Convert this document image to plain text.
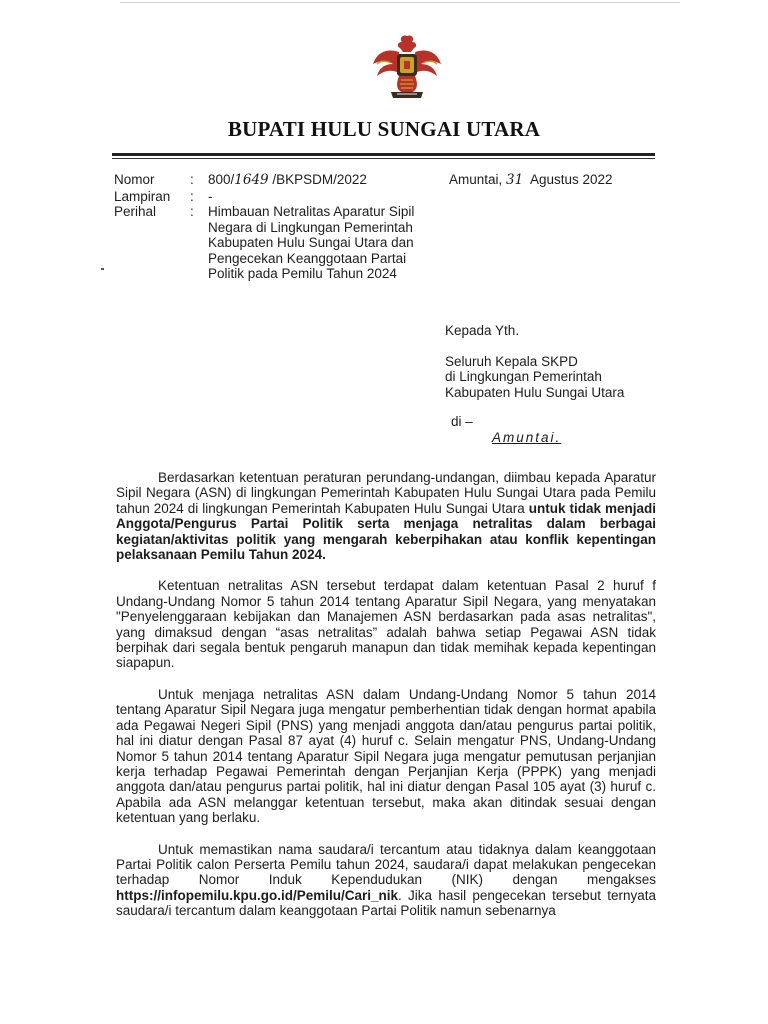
BUPATI HULU SUNGAI UTARA
Nomor	:	800/1649 /BKPSDM/2022
Lampiran	:	-
Perihal	:	Himbauan Netralitas Aparatur Sipil Negara di Lingkungan Pemerintah Kabupaten Hulu Sungai Utara dan Pengecekan Keanggotaan Partai Politik pada Pemilu Tahun 2024
Amuntai, 31  Agustus 2022
Kepada Yth.
Seluruh Kepala SKPD
di Lingkungan Pemerintah
Kabupaten Hulu Sungai Utara
di –
Amuntai.

Berdasarkan ketentuan peraturan perundang-undangan, diimbau kepada Aparatur Sipil Negara (ASN) di lingkungan Pemerintah Kabupaten Hulu Sungai Utara pada Pemilu tahun 2024 di lingkungan Pemerintah Kabupaten Hulu Sungai Utara untuk tidak menjadi Anggota/Pengurus Partai Politik serta menjaga netralitas dalam berbagai kegiatan/aktivitas politik yang mengarah keberpihakan atau konflik kepentingan pelaksanaan Pemilu Tahun 2024.

Ketentuan netralitas ASN tersebut terdapat dalam ketentuan Pasal 2 huruf f Undang-Undang Nomor 5 tahun 2014 tentang Aparatur Sipil Negara, yang menyatakan "Penyelenggaraan kebijakan dan Manajemen ASN berdasarkan pada asas netralitas", yang dimaksud dengan “asas netralitas” adalah bahwa setiap Pegawai ASN tidak berpihak dari segala bentuk pengaruh manapun dan tidak memihak kepada kepentingan siapapun.

Untuk menjaga netralitas ASN dalam Undang-Undang Nomor 5 tahun 2014 tentang Aparatur Sipil Negara juga mengatur pemberhentian tidak dengan hormat apabila ada Pegawai Negeri Sipil (PNS) yang menjadi anggota dan/atau pengurus partai politik, hal ini diatur dengan Pasal 87 ayat (4) huruf c. Selain mengatur PNS, Undang-Undang Nomor 5 tahun 2014 tentang Aparatur Sipil Negara juga mengatur pemutusan perjanjian kerja terhadap Pegawai Pemerintah dengan Perjanjian Kerja (PPPK) yang menjadi anggota dan/atau pengurus partai politik, hal ini diatur dengan Pasal 105 ayat (3) huruf c. Apabila ada ASN melanggar ketentuan tersebut, maka akan ditindak sesuai dengan ketentuan yang berlaku.

Untuk memastikan nama saudara/i tercantum atau tidaknya dalam keanggotaan Partai Politik calon Perserta Pemilu tahun 2024, saudara/i dapat melakukan pengecekan terhadap Nomor Induk Kependudukan (NIK) dengan mengakses https://infopemilu.kpu.go.id/Pemilu/Cari_nik. Jika hasil pengecekan tersebut ternyata saudara/i tercantum dalam keanggotaan Partai Politik namun sebenarnya
